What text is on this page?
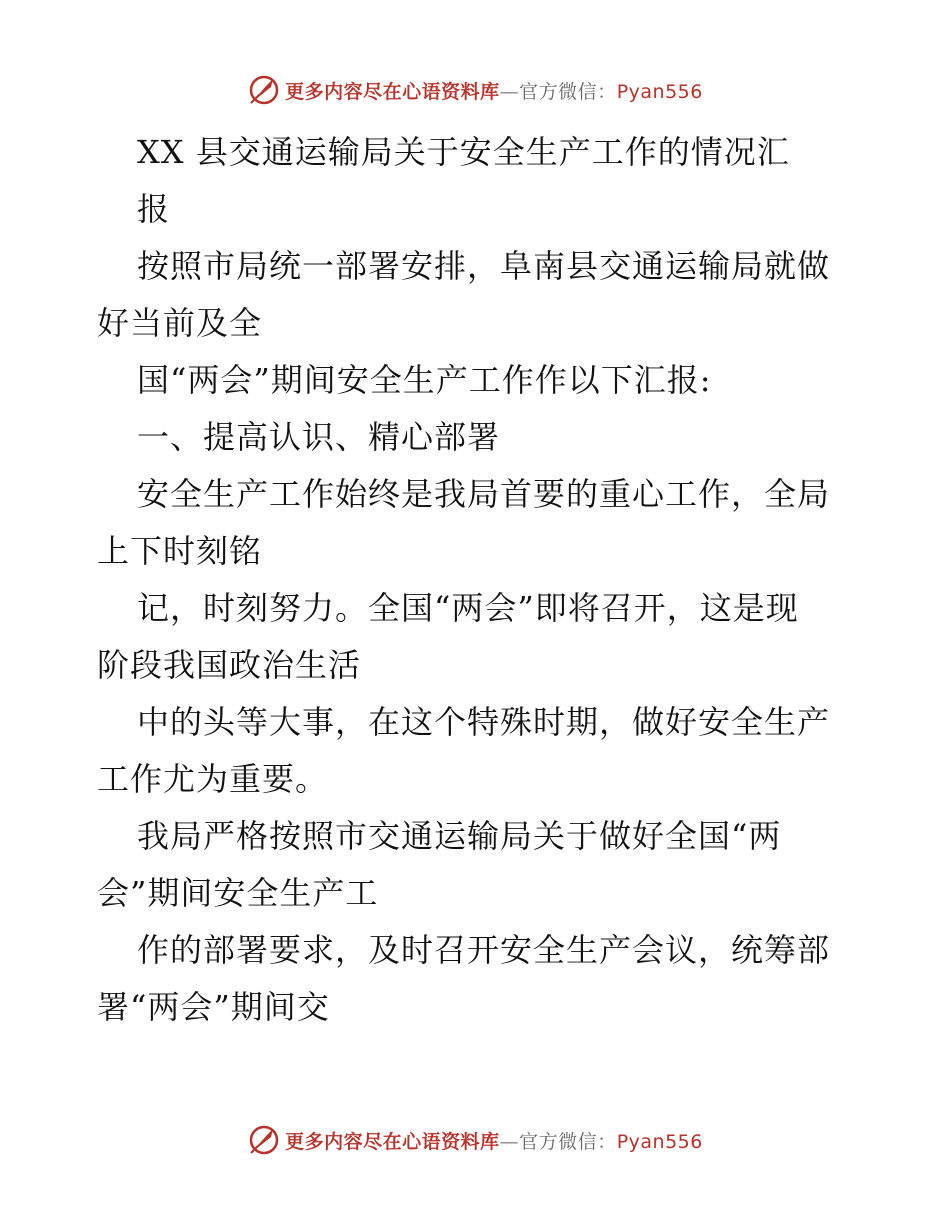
更多内容尽在心语资料库—官方微信：Pyan556
XX 县交通运输局关于安全生产工作的情况汇
报
按照市局统一部署安排，阜南县交通运输局就做
好当前及全
国“两会”期间安全生产工作作以下汇报:
一、提高认识、精心部署
安全生产工作始终是我局首要的重心工作，全局
上下时刻铭
记，时刻努力。全国“两会”即将召开，这是现
阶段我国政治生活
中的头等大事，在这个特殊时期，做好安全生产
工作尤为重要。
我局严格按照市交通运输局关于做好全国“两
会”期间安全生产工
作的部署要求，及时召开安全生产会议，统筹部
署“两会”期间交
更多内容尽在心语资料库—官方微信：Pyan556
